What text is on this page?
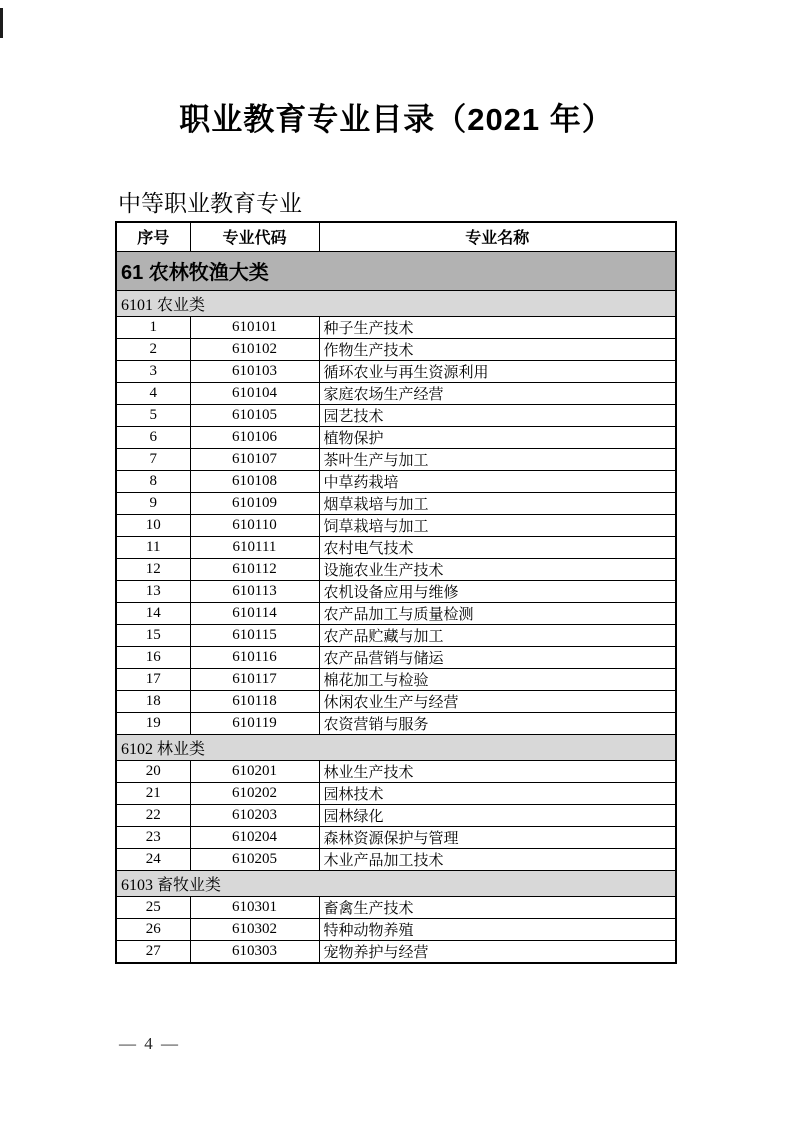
职业教育专业目录（2021 年）
中等职业教育专业
序号	专业代码	专业名称
61 农林牧渔大类		
6101 农业类		
1	610101	种子生产技术
2	610102	作物生产技术
3	610103	循环农业与再生资源利用
4	610104	家庭农场生产经营
5	610105	园艺技术
6	610106	植物保护
7	610107	茶叶生产与加工
8	610108	中草药栽培
9	610109	烟草栽培与加工
10	610110	饲草栽培与加工
11	610111	农村电气技术
12	610112	设施农业生产技术
13	610113	农机设备应用与维修
14	610114	农产品加工与质量检测
15	610115	农产品贮藏与加工
16	610116	农产品营销与储运
17	610117	棉花加工与检验
18	610118	休闲农业生产与经营
19	610119	农资营销与服务
6102 林业类		
20	610201	林业生产技术
21	610202	园林技术
22	610203	园林绿化
23	610204	森林资源保护与管理
24	610205	木业产品加工技术
6103 畜牧业类		
25	610301	畜禽生产技术
26	610302	特种动物养殖
27	610303	宠物养护与经营
— 4 —
